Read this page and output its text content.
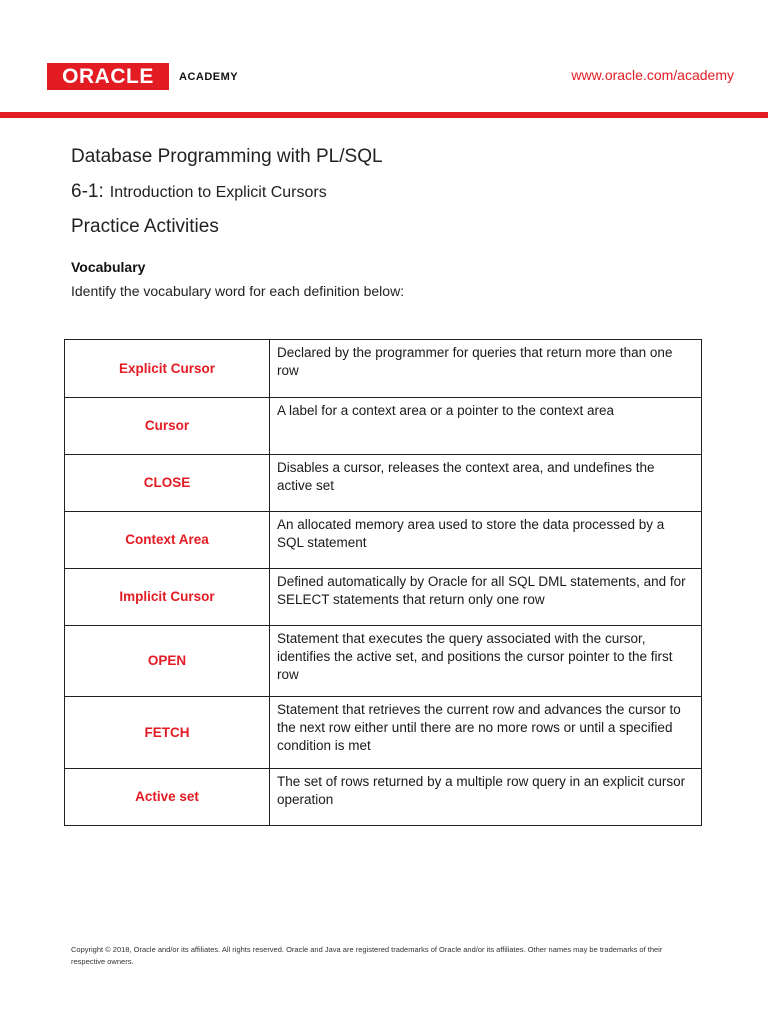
ORACLE ACADEMY	www.oracle.com/academy
Database Programming with PL/SQL
6-1: Introduction to Explicit Cursors
Practice Activities
Vocabulary
Identify the vocabulary word for each definition below:
Explicit Cursor	Declared by the programmer for queries that return more than one row
Cursor	A label for a context area or a pointer to the context area
CLOSE	Disables a cursor, releases the context area, and undefines the active set
Context Area	An allocated memory area used to store the data processed by a SQL statement
Implicit Cursor	Defined automatically by Oracle for all SQL DML statements, and for SELECT statements that return only one row
OPEN	Statement that executes the query associated with the cursor, identifies the active set, and positions the cursor pointer to the first row
FETCH	Statement that retrieves the current row and advances the cursor to the next row either until there are no more rows or until a specified condition is met
Active set	The set of rows returned by a multiple row query in an explicit cursor operation
Copyright © 2018, Oracle and/or its affiliates. All rights reserved. Oracle and Java are registered trademarks of Oracle and/or its affiliates. Other names may be trademarks of their respective owners.
